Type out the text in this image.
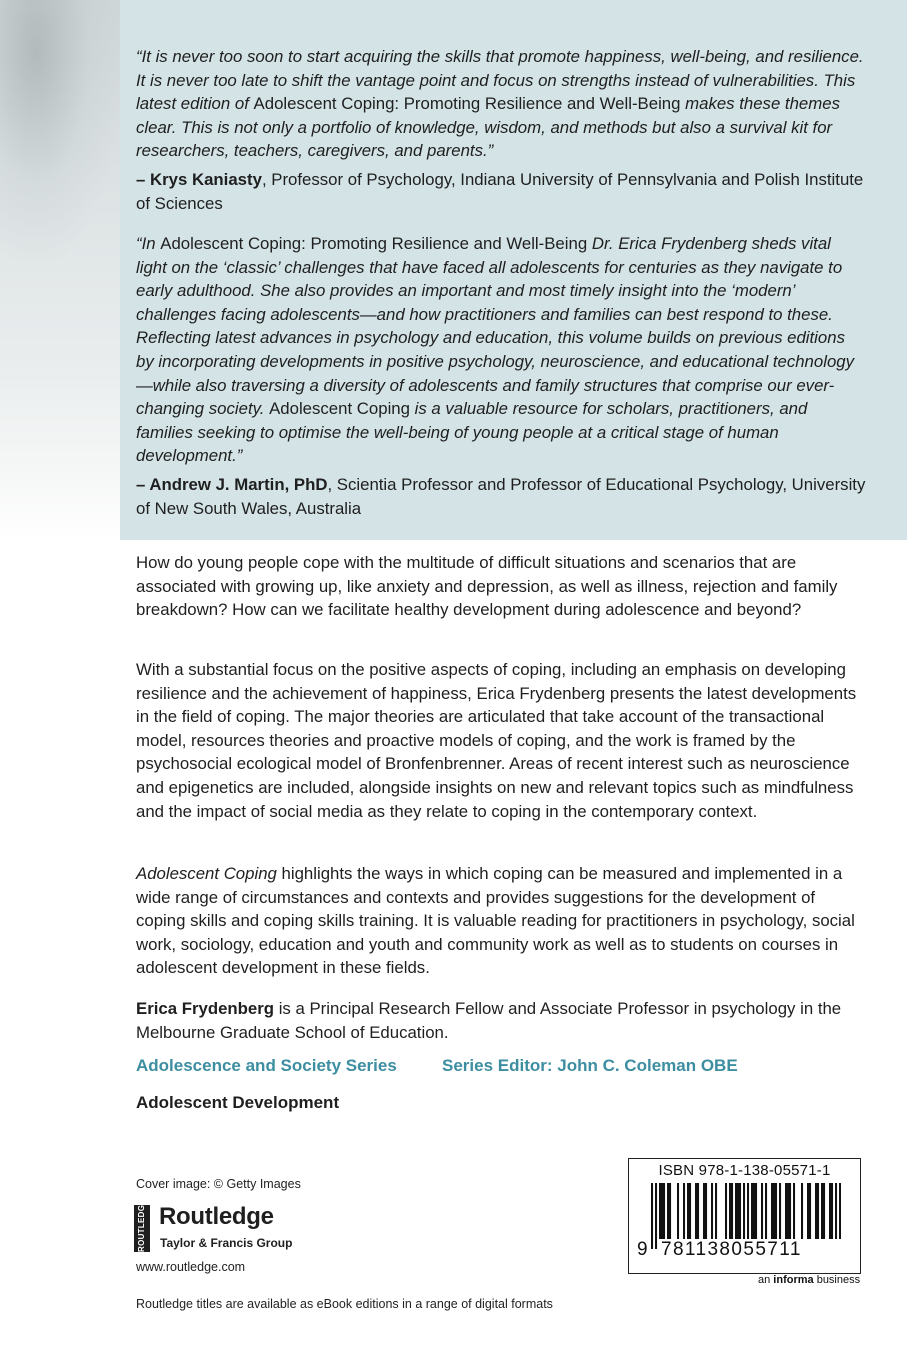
“It is never too soon to start acquiring the skills that promote happiness, well-being, and resilience. It is never too late to shift the vantage point and focus on strengths instead of vulnerabilities. This latest edition of Adolescent Coping: Promoting Resilience and Well-Being makes these themes clear. This is not only a portfolio of knowledge, wisdom, and methods but also a survival kit for researchers, teachers, caregivers, and parents.”
– Krys Kaniasty, Professor of Psychology, Indiana University of Pennsylvania and Polish Institute of Sciences
“In Adolescent Coping: Promoting Resilience and Well-Being Dr. Erica Frydenberg sheds vital light on the ‘classic’ challenges that have faced all adolescents for centuries as they navigate to early adulthood. She also provides an important and most timely insight into the ‘modern’ challenges facing adolescents—and how practitioners and families can best respond to these. Reflecting latest advances in psychology and education, this volume builds on previous editions by incorporating developments in positive psychology, neuroscience, and educational technology—while also traversing a diversity of adolescents and family structures that comprise our ever-changing society. Adolescent Coping is a valuable resource for scholars, practitioners, and families seeking to optimise the well-being of young people at a critical stage of human development.”
– Andrew J. Martin, PhD, Scientia Professor and Professor of Educational Psychology, University of New South Wales, Australia

How do young people cope with the multitude of difficult situations and scenarios that are associated with growing up, like anxiety and depression, as well as illness, rejection and family breakdown? How can we facilitate healthy development during adolescence and beyond?

With a substantial focus on the positive aspects of coping, including an emphasis on developing resilience and the achievement of happiness, Erica Frydenberg presents the latest developments in the field of coping. The major theories are articulated that take account of the transactional model, resources theories and proactive models of coping, and the work is framed by the psychosocial ecological model of Bronfenbrenner. Areas of recent interest such as neuroscience and epigenetics are included, alongside insights on new and relevant topics such as mindfulness and the impact of social media as they relate to coping in the contemporary context.

Adolescent Coping highlights the ways in which coping can be measured and implemented in a wide range of circumstances and contexts and provides suggestions for the development of coping skills and coping skills training. It is valuable reading for practitioners in psychology, social work, sociology, education and youth and community work as well as to students on courses in adolescent development in these fields.

Erica Frydenberg is a Principal Research Fellow and Associate Professor in psychology in the Melbourne Graduate School of Education.

Adolescence and Society Series	Series Editor: John C. Coleman OBE
Adolescent Development
Cover image: © Getty Images
ROUTLEDGE Routledge
Taylor & Francis Group
www.routledge.com
Routledge titles are available as eBook editions in a range of digital formats
ISBN 978-1-138-05571-1
9 781138055711
an informa business
